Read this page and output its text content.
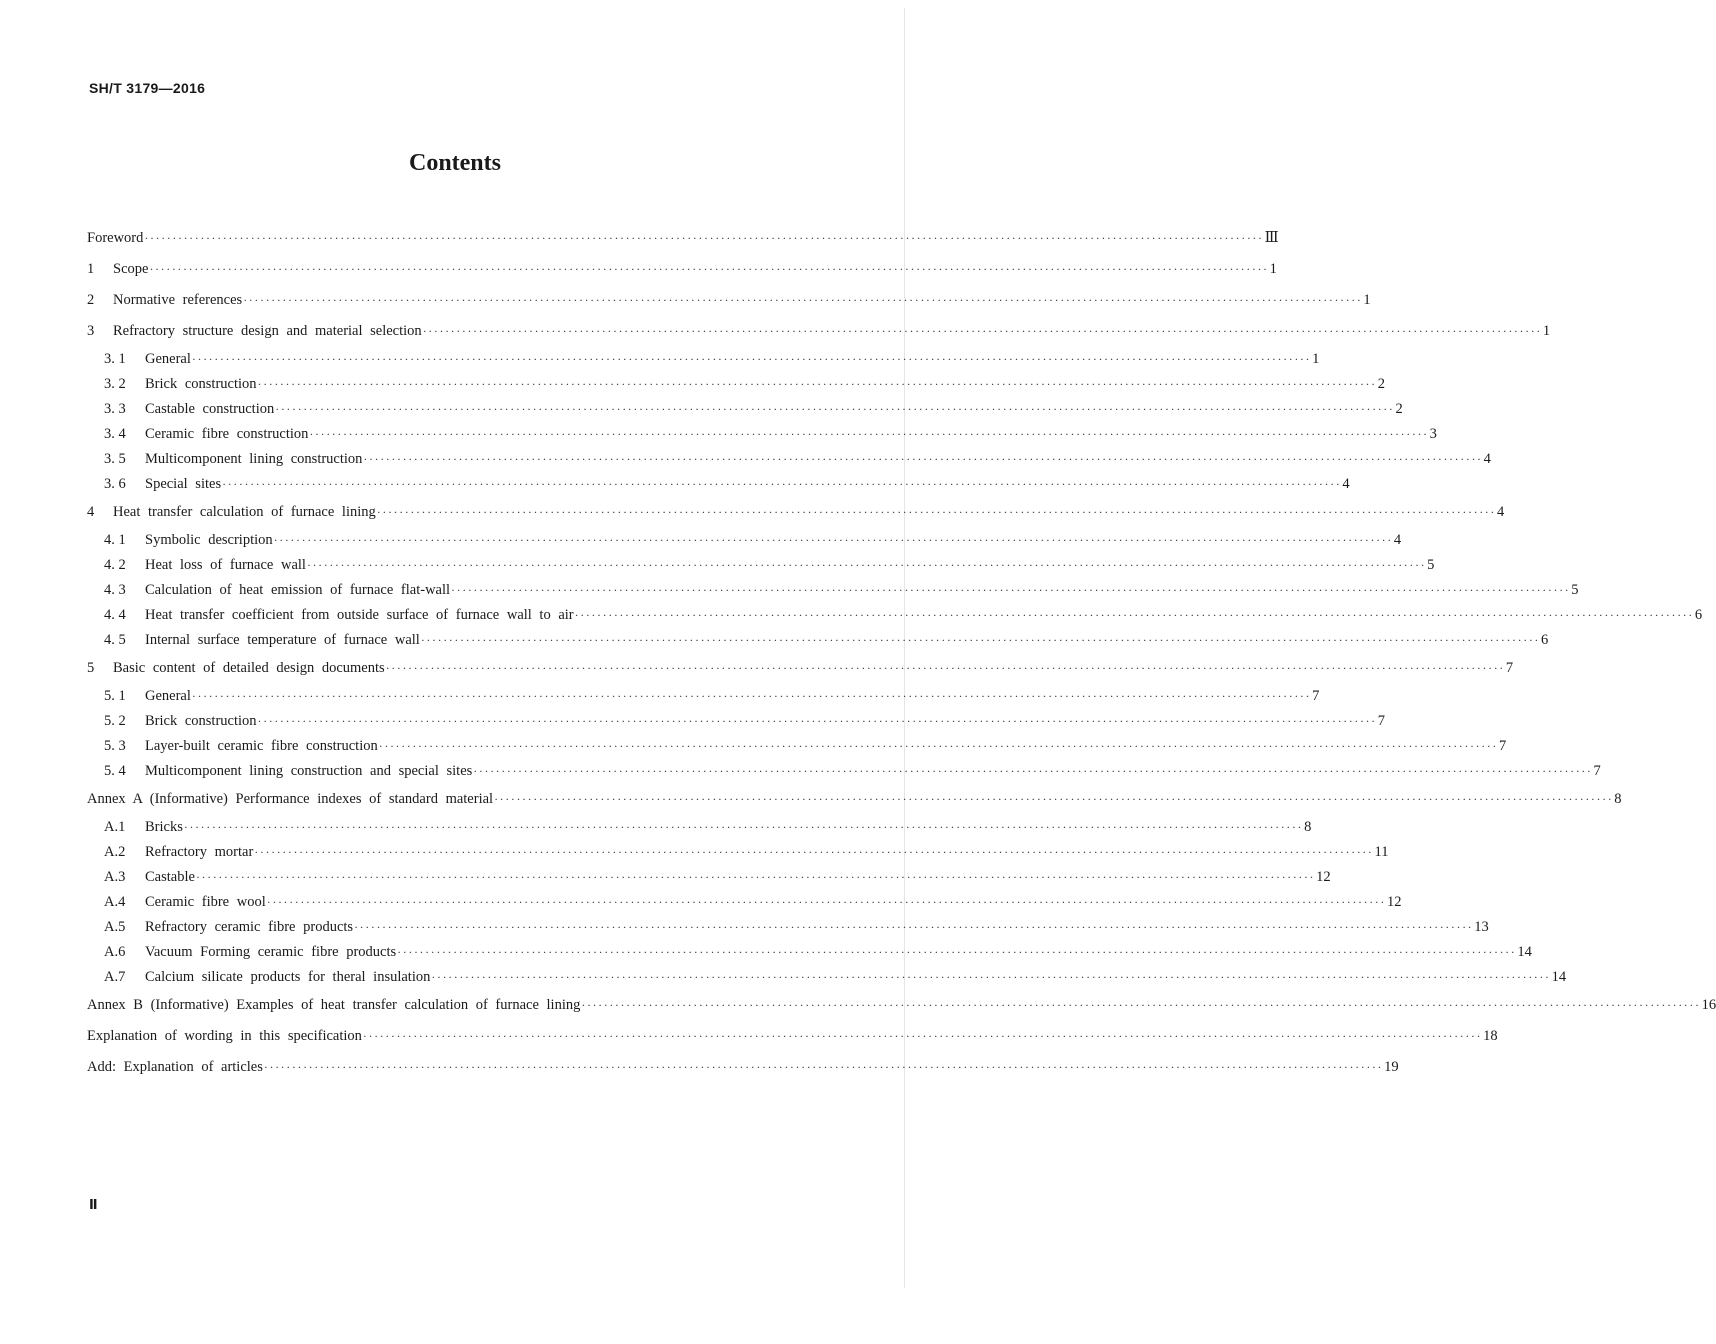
SH/T 3179—2016
Contents
Foreword ········································································································································································································ Ⅲ
1	Scope ········································································································································································································ 1
2	Normative references ········································································································································································································ 1
3	Refractory structure design and material selection ········································································································································································································ 1
3. 1	General ········································································································································································································ 1
3. 2	Brick construction ········································································································································································································ 2
3. 3	Castable construction ········································································································································································································ 2
3. 4	Ceramic fibre construction ········································································································································································································ 3
3. 5	Multicomponent lining construction ········································································································································································································ 4
3. 6	Special sites ········································································································································································································ 4
4	Heat transfer calculation of furnace lining ········································································································································································································ 4
4. 1	Symbolic description ········································································································································································································ 4
4. 2	Heat loss of furnace wall ········································································································································································································ 5
4. 3	Calculation of heat emission of furnace flat-wall ········································································································································································································ 5
4. 4	Heat transfer coefficient from outside surface of furnace wall to air ········································································································································································································ 6
4. 5	Internal surface temperature of furnace wall ········································································································································································································ 6
5	Basic content of detailed design documents ········································································································································································································ 7
5. 1	General ········································································································································································································ 7
5. 2	Brick construction ········································································································································································································ 7
5. 3	Layer-built ceramic fibre construction ········································································································································································································ 7
5. 4	Multicomponent lining construction and special sites ········································································································································································································ 7
Annex A (Informative) Performance indexes of standard material ········································································································································································································ 8
A.1	Bricks ········································································································································································································ 8
A.2	Refractory mortar ········································································································································································································ 11
A.3	Castable ········································································································································································································ 12
A.4	Ceramic fibre wool ········································································································································································································ 12
A.5	Refractory ceramic fibre products ········································································································································································································ 13
A.6	Vacuum Forming ceramic fibre products ········································································································································································································ 14
A.7	Calcium silicate products for theral insulation ········································································································································································································ 14
Annex B (Informative) Examples of heat transfer calculation of furnace lining ········································································································································································································ 16
Explanation of wording in this specification ········································································································································································································ 18
Add: Explanation of articles ········································································································································································································ 19
Ⅱ
